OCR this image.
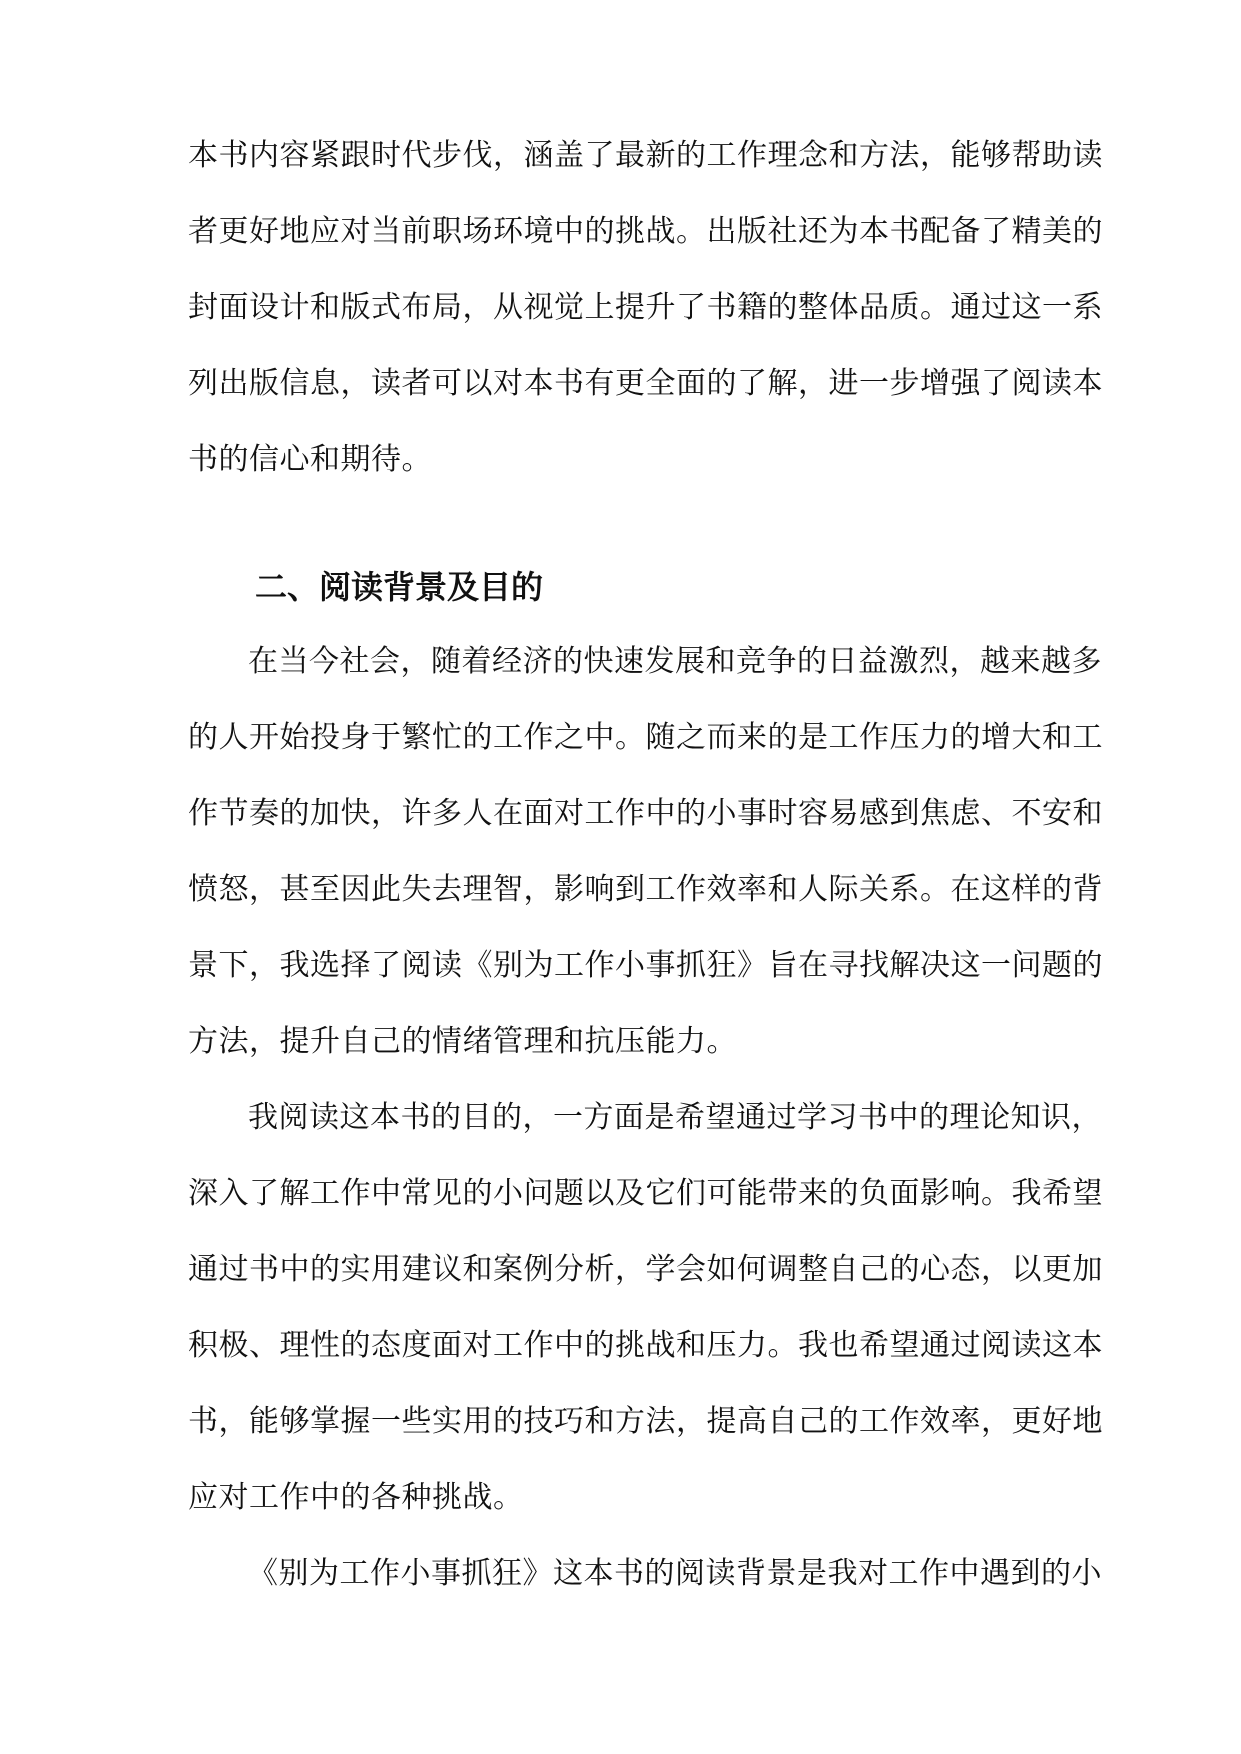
本书内容紧跟时代步伐，涵盖了最新的工作理念和方法，能够帮助读
者更好地应对当前职场环境中的挑战。出版社还为本书配备了精美的
封面设计和版式布局，从视觉上提升了书籍的整体品质。通过这一系
列出版信息，读者可以对本书有更全面的了解，进一步增强了阅读本
书的信心和期待。
二、阅读背景及目的
在当今社会，随着经济的快速发展和竞争的日益激烈，越来越多
的人开始投身于繁忙的工作之中。随之而来的是工作压力的增大和工
作节奏的加快，许多人在面对工作中的小事时容易感到焦虑、不安和
愤怒，甚至因此失去理智，影响到工作效率和人际关系。在这样的背
景下，我选择了阅读《别为工作小事抓狂》旨在寻找解决这一问题的
方法，提升自己的情绪管理和抗压能力。
我阅读这本书的目的，一方面是希望通过学习书中的理论知识，
深入了解工作中常见的小问题以及它们可能带来的负面影响。我希望
通过书中的实用建议和案例分析，学会如何调整自己的心态，以更加
积极、理性的态度面对工作中的挑战和压力。我也希望通过阅读这本
书，能够掌握一些实用的技巧和方法，提高自己的工作效率，更好地
应对工作中的各种挑战。
《别为工作小事抓狂》这本书的阅读背景是我对工作中遇到的小
